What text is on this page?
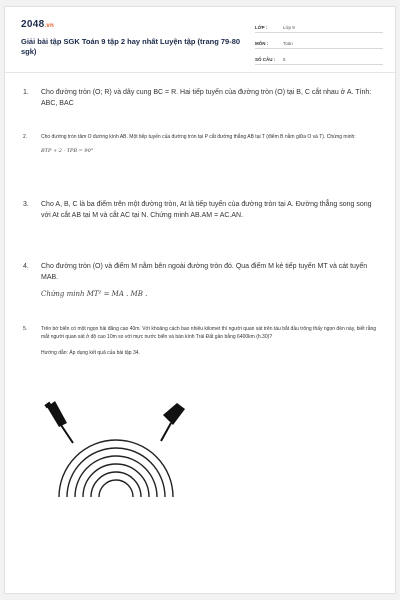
2048.vn
Giải bài tập SGK Toán 9 tập 2 hay nhất Luyện tập (trang 79-80 sgk)
LỚP :	Lớp 9
MÔN :	Toán
SỐ CÂU :	5
1.	Cho đường tròn (O; R) và dây cung BC = R. Hai tiếp tuyến của đường tròn (O) tại B, C cắt nhau ở A. Tính: ABC, BAC
2.	Cho đường tròn tâm O đường kính AB. Một tiếp tuyến của đường tròn tại P cắt đường thẳng AB tại T (điểm B nằm giữa O và T). Chứng minh:
BTP + 2 · TPB = 90°
3.	Cho A, B, C là ba điểm trên một đường tròn, At là tiếp tuyến của đường tròn tại A. Đường thẳng song song với At cắt AB tại M và cắt AC tại N. Chứng minh AB.AM = AC.AN.
4.	Cho đường tròn (O) và điểm M nằm bên ngoài đường tròn đó. Qua điểm M kẻ tiếp tuyến MT và cát tuyến MAB.
Chứng minh MT² = MA . MB .
5.	Trên bờ biển có một ngọn hải đăng cao 40m. Với khoảng cách bao nhiêu kilomet thì người quan sát trên tàu bắt đầu trông thấy ngọn đèn này, biết rằng mắt người quan sát ở độ cao 10m so với mực nước biển và bán kính Trái Đất gần bằng 6400km (h.30)?
Hướng dẫn: Áp dụng kết quả của bài tập 34.
